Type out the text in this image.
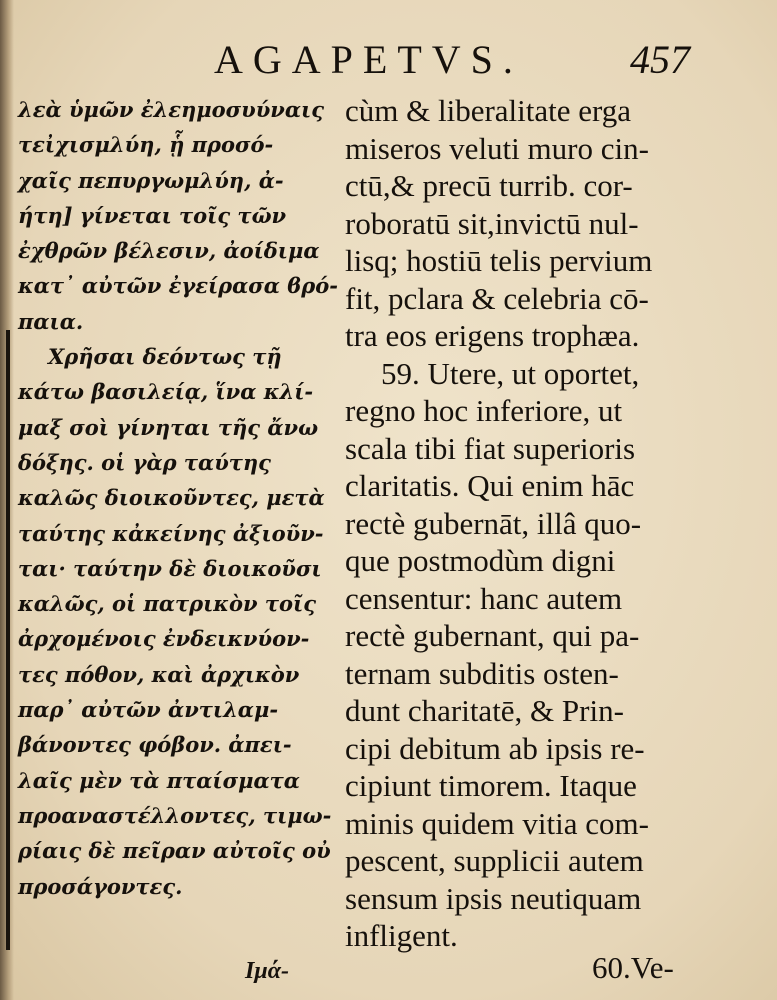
AGAPETVS.	457
λεὰ ὑμῶν ἐλεημοσυύναις
τεἰχισμλύη, ᾗ προσό-
χαῖς πεπυργωμλύη, ἀ-
ήτη] γίνεται τοῖς τῶν
ἐχθρῶν βέλεσιν, ἀοίδιμα
κατ᾽ αὐτῶν ἐγείρασα ϐρό-
παια.
Χρῆσαι δεόντως τῇ
κάτω βασιλείᾳ, ἵνα κλί-
μαξ σοὶ γίνηται τῆς ἄνω
δόξης. οἱ γὰρ ταύτης
καλῶς διοικοῦντες, μετὰ
ταύτης κἀκείνης ἀξιοῦν-
ται· ταύτην δὲ διοικοῦσι
καλῶς, οἱ πατρικὸν τοῖς
ἀρχομένοις ἐνδεικνύον-
τες πόθον, καὶ ἀρχικὸν
παρ᾽ αὐτῶν ἀντιλαμ-
βάνοντες φόβον. ἀπει-
λαῖς μὲν τὰ πταίσματα
προαναστέλλοντες, τιμω-
ρίαις δὲ πεῖραν αὐτοῖς οὐ
προσάγοντες.
cùm & liberalitate erga
miseros veluti muro cin-
ctū,& precū turrib. cor-
roboratū sit,invictū nul-
lisq; hostiū telis pervium
fit, pclara & celebria cō-
tra eos erigens trophæa.
59. Utere, ut oportet,
regno hoc inferiore, ut
scala tibi fiat superioris
claritatis. Qui enim hāc
rectè gubernāt, illâ quo-
que postmodùm digni
censentur: hanc autem
rectè gubernant, qui pa-
ternam subditis osten-
dunt charitatē, & Prin-
cipi debitum ab ipsis re-
cipiunt timorem. Itaque
minis quidem vitia com-
pescent, supplicii autem
sensum ipsis neutiquam
infligent.
Ιμά-	60.Ve-
